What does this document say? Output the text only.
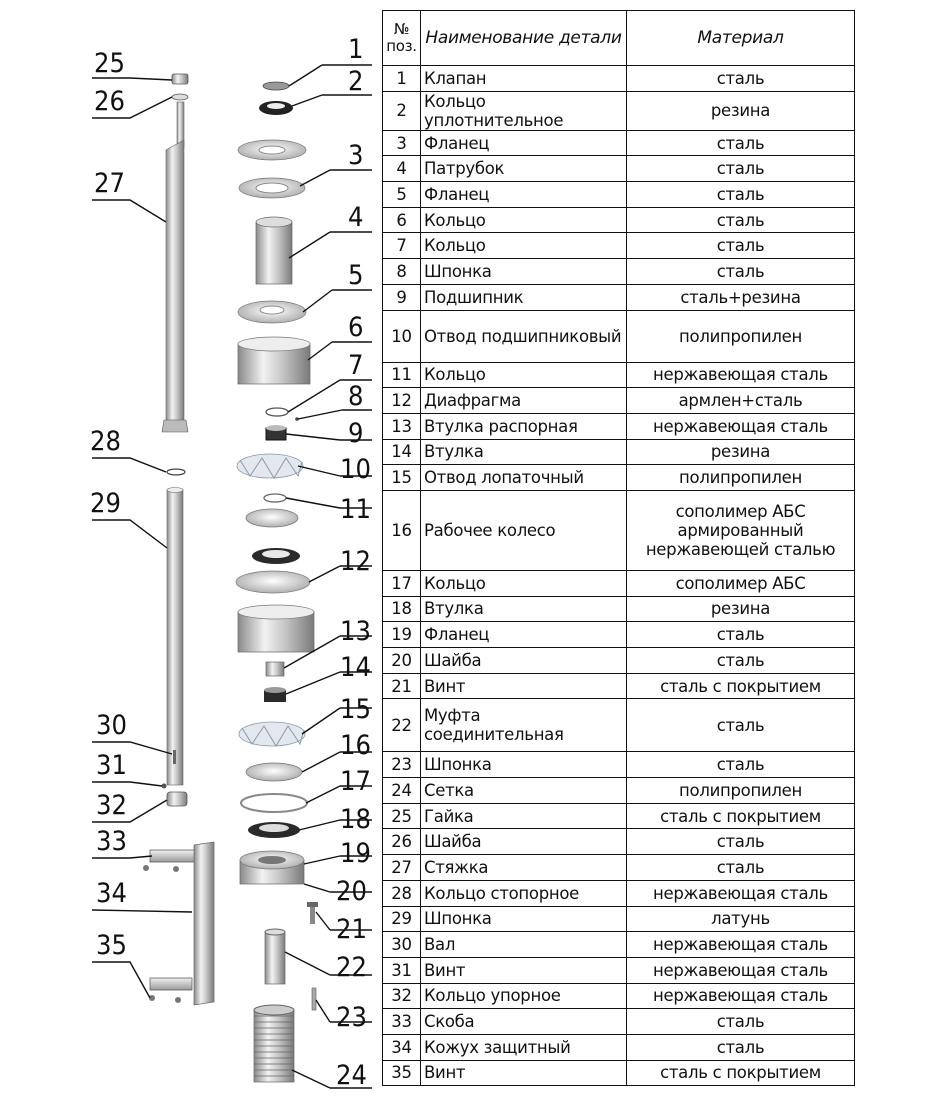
1
2
3
4
5
6
7
8
9
10
11
12
13
14
15
16
17
18
19
20
21
22
23
24
25
26
27
28
29
30
31
32
33
34
35
№ поз.	Наименование детали	Материал
1	Клапан	сталь
2	Кольцо уплотнительное	резина
3	Фланец	сталь
4	Патрубок	сталь
5	Фланец	сталь
6	Кольцо	сталь
7	Кольцо	сталь
8	Шпонка	сталь
9	Подшипник	сталь+резина
10	Отвод подшипниковый	полипропилен
11	Кольцо	нержавеющая сталь
12	Диафрагма	армлен+сталь
13	Втулка распорная	нержавеющая сталь
14	Втулка	резина
15	Отвод лопаточный	полипропилен
16	Рабочее колесо	сополимер АБС армированный нержавеющей сталью
17	Кольцо	сополимер АБС
18	Втулка	резина
19	Фланец	сталь
20	Шайба	сталь
21	Винт	сталь с покрытием
22	Муфта соединительная	сталь
23	Шпонка	сталь
24	Сетка	полипропилен
25	Гайка	сталь с покрытием
26	Шайба	сталь
27	Стяжка	сталь
28	Кольцо стопорное	нержавеющая сталь
29	Шпонка	латунь
30	Вал	нержавеющая сталь
31	Винт	нержавеющая сталь
32	Кольцо упорное	нержавеющая сталь
33	Скоба	сталь
34	Кожух защитный	сталь
35	Винт	сталь с покрытием
